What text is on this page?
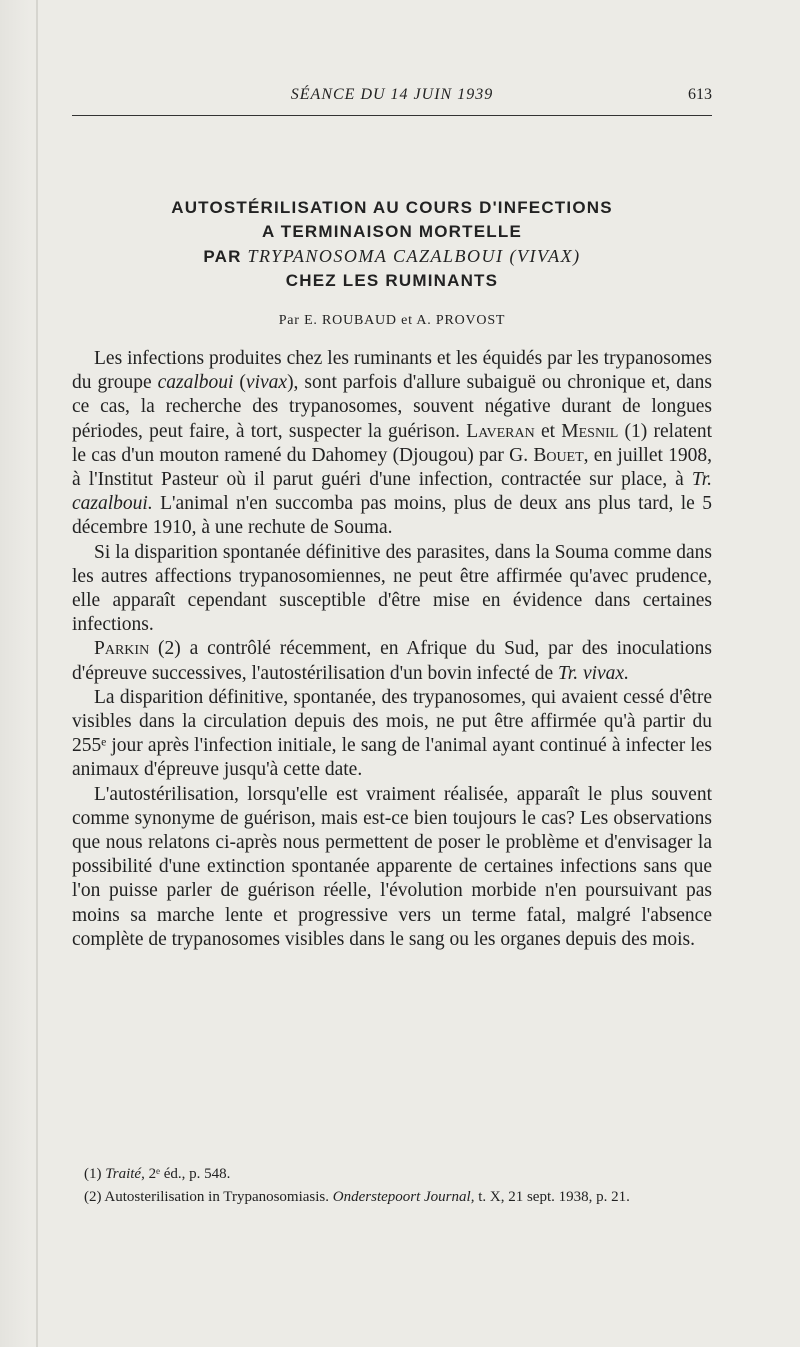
SÉANCE DU 14 JUIN 1939	613
AUTOSTÉRILISATION AU COURS D'INFECTIONS
A TERMINAISON MORTELLE
PAR TRYPANOSOMA CAZALBOUI (VIVAX)
CHEZ LES RUMINANTS
Par E. ROUBAUD et A. PROVOST

Les infections produites chez les ruminants et les équidés par les trypanosomes du groupe cazalboui (vivax), sont parfois d'allure subaiguë ou chronique et, dans ce cas, la recherche des trypanosomes, souvent négative durant de longues périodes, peut faire, à tort, suspecter la guérison. Laveran et Mesnil (1) relatent le cas d'un mouton ramené du Dahomey (Djougou) par G. Bouet, en juillet 1908, à l'Institut Pasteur où il parut guéri d'une infection, contractée sur place, à Tr. cazalboui. L'animal n'en succomba pas moins, plus de deux ans plus tard, le 5 décembre 1910, à une rechute de Souma.

Si la disparition spontanée définitive des parasites, dans la Souma comme dans les autres affections trypanosomiennes, ne peut être affirmée qu'avec prudence, elle apparaît cependant susceptible d'être mise en évidence dans certaines infections.

Parkin (2) a contrôlé récemment, en Afrique du Sud, par des inoculations d'épreuve successives, l'autostérilisation d'un bovin infecté de Tr. vivax.

La disparition définitive, spontanée, des trypanosomes, qui avaient cessé d'être visibles dans la circulation depuis des mois, ne put être affirmée qu'à partir du 255ᵉ jour après l'infection initiale, le sang de l'animal ayant continué à infecter les animaux d'épreuve jusqu'à cette date.

L'autostérilisation, lorsqu'elle est vraiment réalisée, apparaît le plus souvent comme synonyme de guérison, mais est-ce bien toujours le cas? Les observations que nous relatons ci-après nous permettent de poser le problème et d'envisager la possibilité d'une extinction spontanée apparente de certaines infections sans que l'on puisse parler de guérison réelle, l'évolution morbide n'en poursuivant pas moins sa marche lente et progressive vers un terme fatal, malgré l'absence complète de trypanosomes visibles dans le sang ou les organes depuis des mois.

(1) Traité, 2ᵉ éd., p. 548.

(2) Autosterilisation in Trypanosomiasis. Onderstepoort Journal, t. X, 21 sept. 1938, p. 21.
